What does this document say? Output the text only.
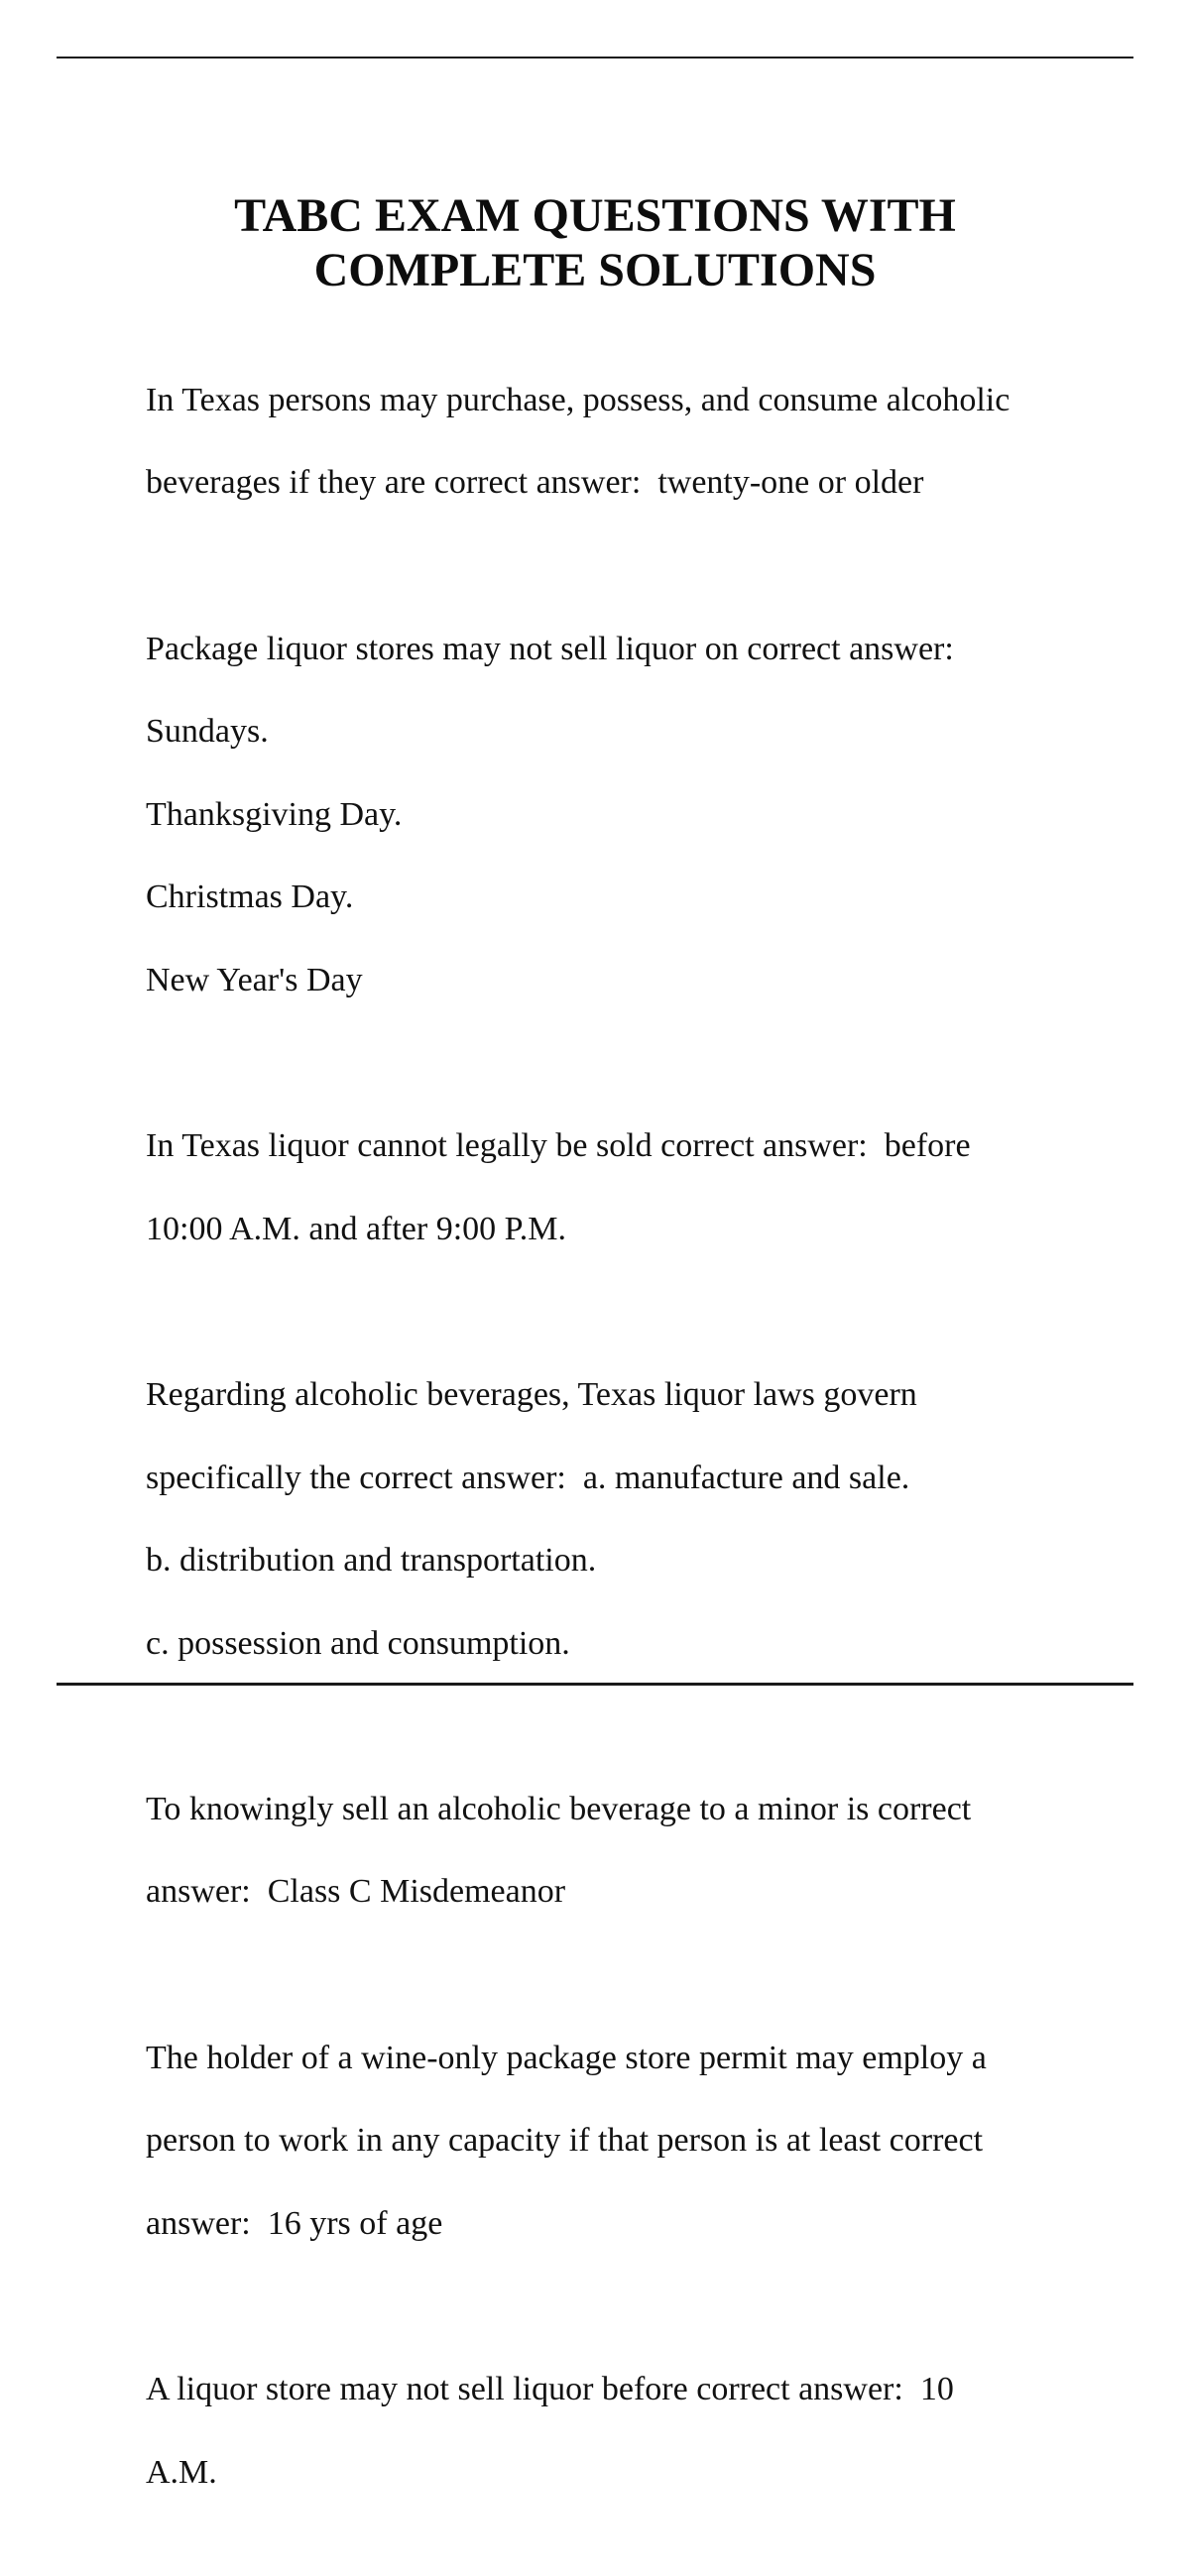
TABC EXAM QUESTIONS WITH
COMPLETE SOLUTIONS

In Texas persons may purchase, possess, and consume alcoholic

beverages if they are correct answer:  twenty-one or older

Package liquor stores may not sell liquor on correct answer:

Sundays.

Thanksgiving Day.

Christmas Day.

New Year's Day

In Texas liquor cannot legally be sold correct answer:  before

10:00 A.M. and after 9:00 P.M.

Regarding alcoholic beverages, Texas liquor laws govern

specifically the correct answer:  a. manufacture and sale.

b. distribution and transportation.

c. possession and consumption.

To knowingly sell an alcoholic beverage to a minor is correct

answer:  Class C Misdemeanor

The holder of a wine-only package store permit may employ a

person to work in any capacity if that person is at least correct

answer:  16 yrs of age

A liquor store may not sell liquor before correct answer:  10

A.M.
